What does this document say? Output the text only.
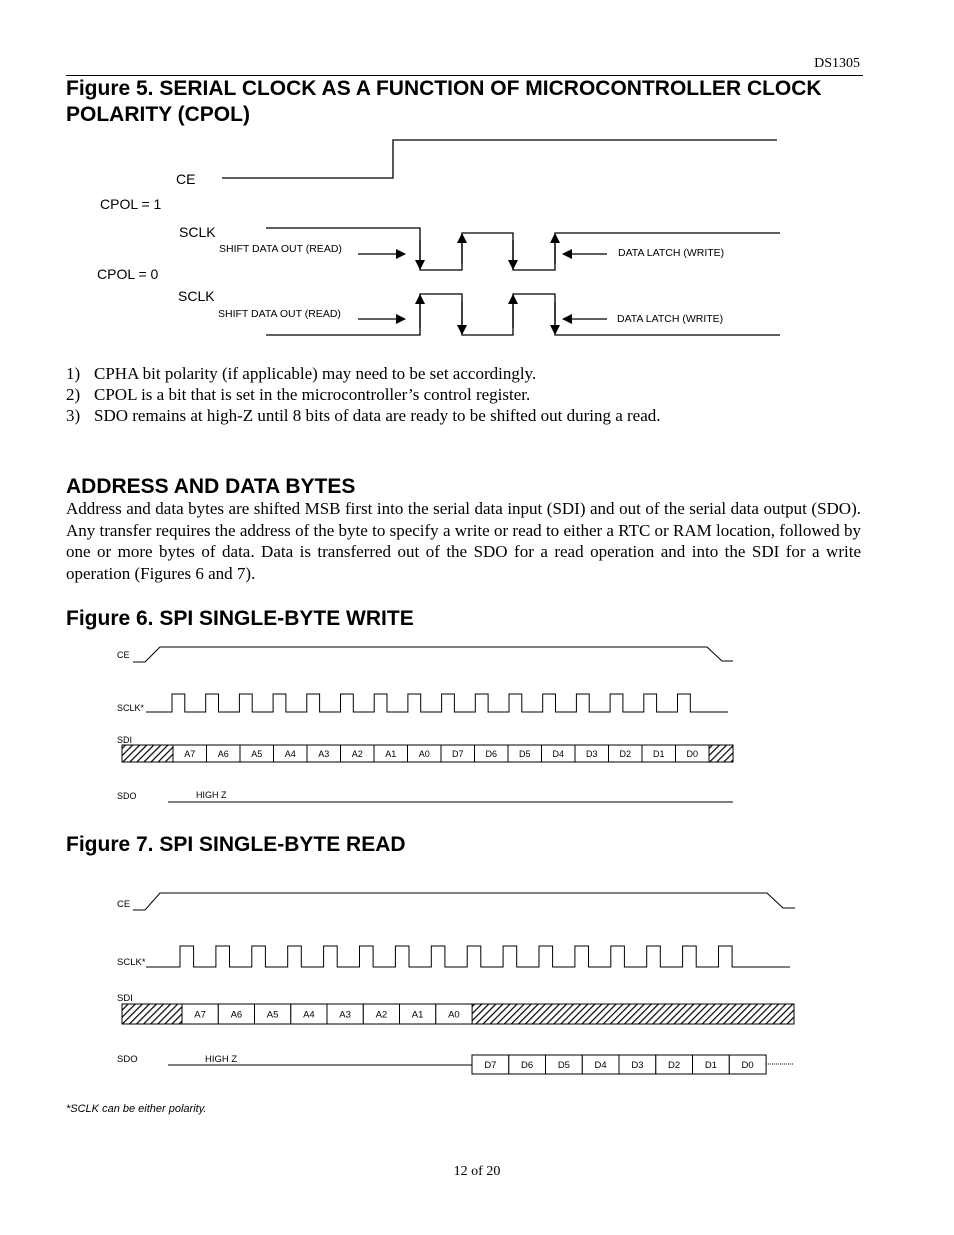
DS1305
Figure 5. SERIAL CLOCK AS A FUNCTION OF MICROCONTROLLER CLOCK POLARITY (CPOL)
CE
CPOL = 1
SCLK
SHIFT DATA OUT (READ)	DATA LATCH (WRITE)
CPOL = 0
SCLK
SHIFT DATA OUT (READ)	DATA LATCH (WRITE)
CE
SCLK*
SDI
SDO	HIGH Z
A7 A6 A5 A4 A3 A2 A1 A0 D7 D6 D5 D4 D3 D2 D1 D0
CE
SCLK*
SDI
SDO	HIGH Z
A7	A6	A5	A4	A3	A2	A1	A0
D7	D6	D5	D4	D3	D2	D1	D0
1) CPHA bit polarity (if applicable) may need to be set accordingly.
2) CPOL is a bit that is set in the microcontroller’s control register.
3) SDO remains at high-Z until 8 bits of data are ready to be shifted out during a read.
ADDRESS AND DATA BYTES

Address and data bytes are shifted MSB first into the serial data input (SDI) and out of the serial data output (SDO). Any transfer requires the address of the byte to specify a write or read to either a RTC or RAM location, followed by one or more bytes of data. Data is transferred out of the SDO for a read operation and into the SDI for a write operation (Figures 6 and 7).

Figure 6. SPI SINGLE-BYTE WRITE
Figure 7. SPI SINGLE-BYTE READ
*SCLK can be either polarity.
12 of 20
